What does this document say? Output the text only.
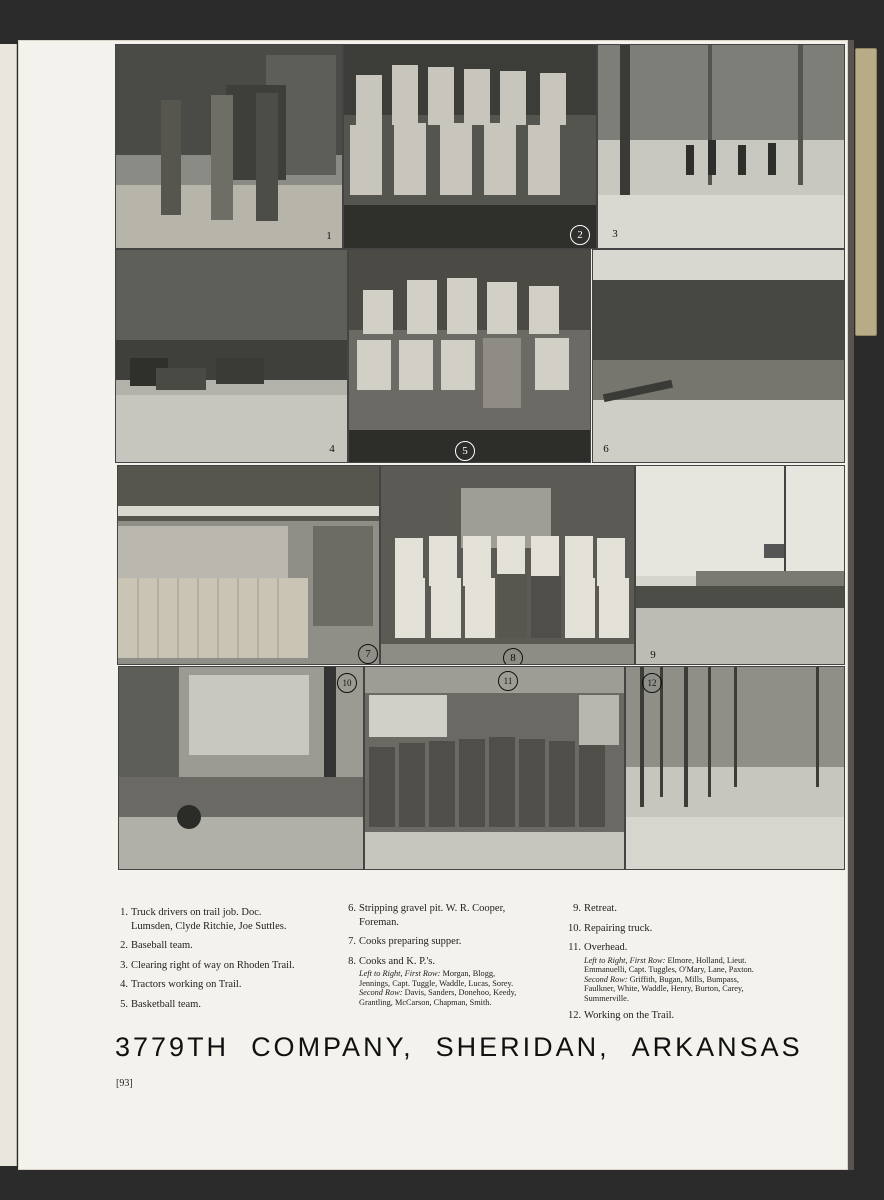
1	2	3
4	5	6
7	8	9
10	11	12
1. Truck drivers on trail job. Doc. Lumsden, Clyde Ritchie, Joe Suttles.
2. Baseball team.
3. Clearing right of way on Rhoden Trail.
4. Tractors working on Trail.
5. Basketball team.
6. Stripping gravel pit. W. R. Cooper, Foreman.
7. Cooks preparing supper.
8. Cooks and K. P.'s.
Left to Right, First Row: Morgan, Blogg, Jennings, Capt. Tuggle, Waddle, Lucas, Sorey. Second Row: Davis, Sanders, Donehoo, Keedy, Grantling, McCarson, Chapman, Smith.
9. Retreat.
10. Repairing truck.
11. Overhead.
Left to Right, First Row: Elmore, Holland, Lieut. Emmanuelli, Capt. Tuggles, O'Mary, Lane, Paxton. Second Row: Griffith, Bugan, Mills, Bumpass, Faulkner, White, Waddle, Henry, Burton, Carey, Summerville.
12. Working on the Trail.
3779TH COMPANY, SHERIDAN, ARKANSAS
[93]
